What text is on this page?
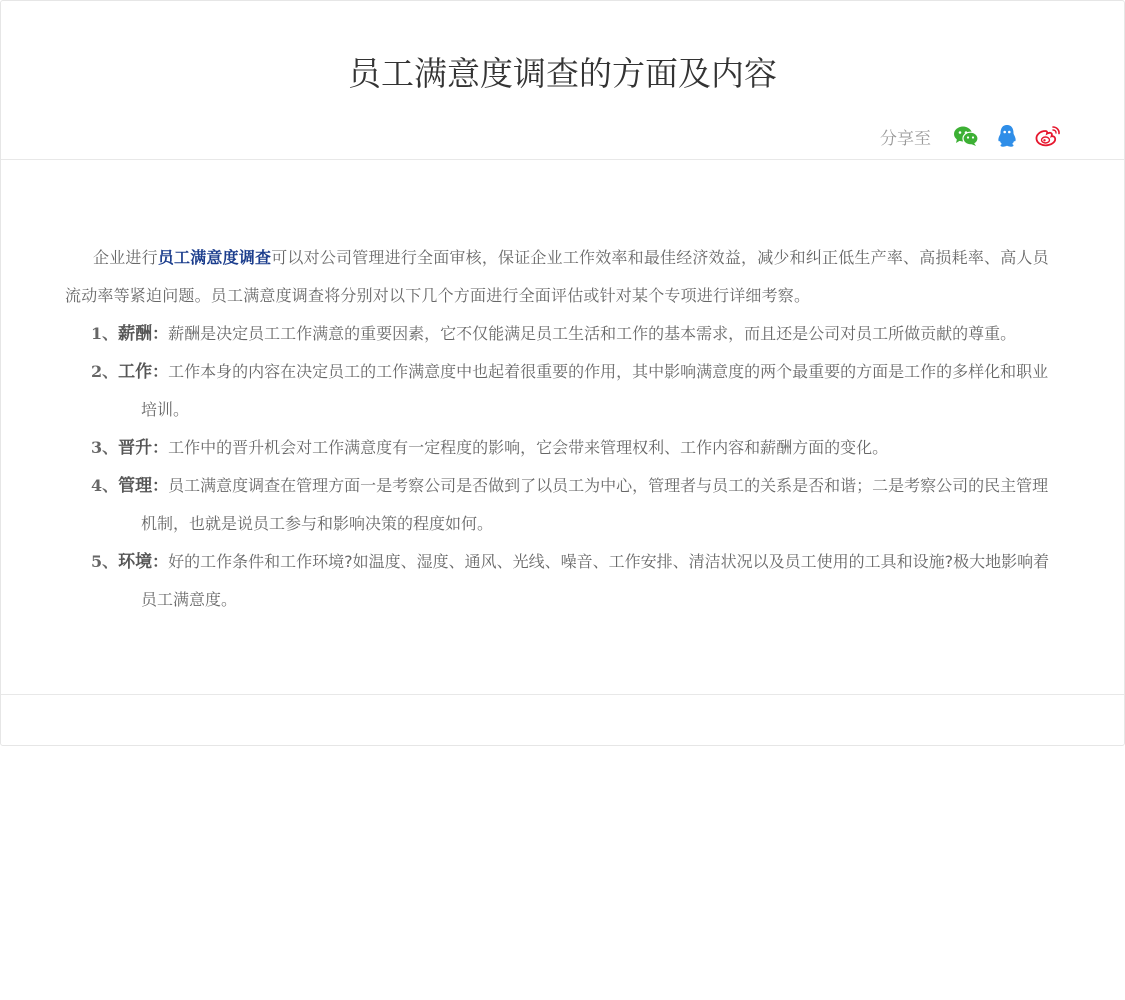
员工满意度调查的方面及内容
分享至

企业进行员工满意度调查可以对公司管理进行全面审核，保证企业工作效率和最佳经济效益，减少和纠正低生产率、高损耗率、高人员流动率等紧迫问题。员工满意度调查将分别对以下几个方面进行全面评估或针对某个专项进行详细考察。

1、薪酬：薪酬是决定员工工作满意的重要因素，它不仅能满足员工生活和工作的基本需求，而且还是公司对员工所做贡献的尊重。
2、工作：工作本身的内容在决定员工的工作满意度中也起着很重要的作用，其中影响满意度的两个最重要的方面是工作的多样化和职业培训。
3、晋升：工作中的晋升机会对工作满意度有一定程度的影响，它会带来管理权利、工作内容和薪酬方面的变化。
4、管理：员工满意度调查在管理方面一是考察公司是否做到了以员工为中心，管理者与员工的关系是否和谐；二是考察公司的民主管理机制，也就是说员工参与和影响决策的程度如何。
5、环境：好的工作条件和工作环境?如温度、湿度、通风、光线、噪音、工作安排、清洁状况以及员工使用的工具和设施?极大地影响着员工满意度。
